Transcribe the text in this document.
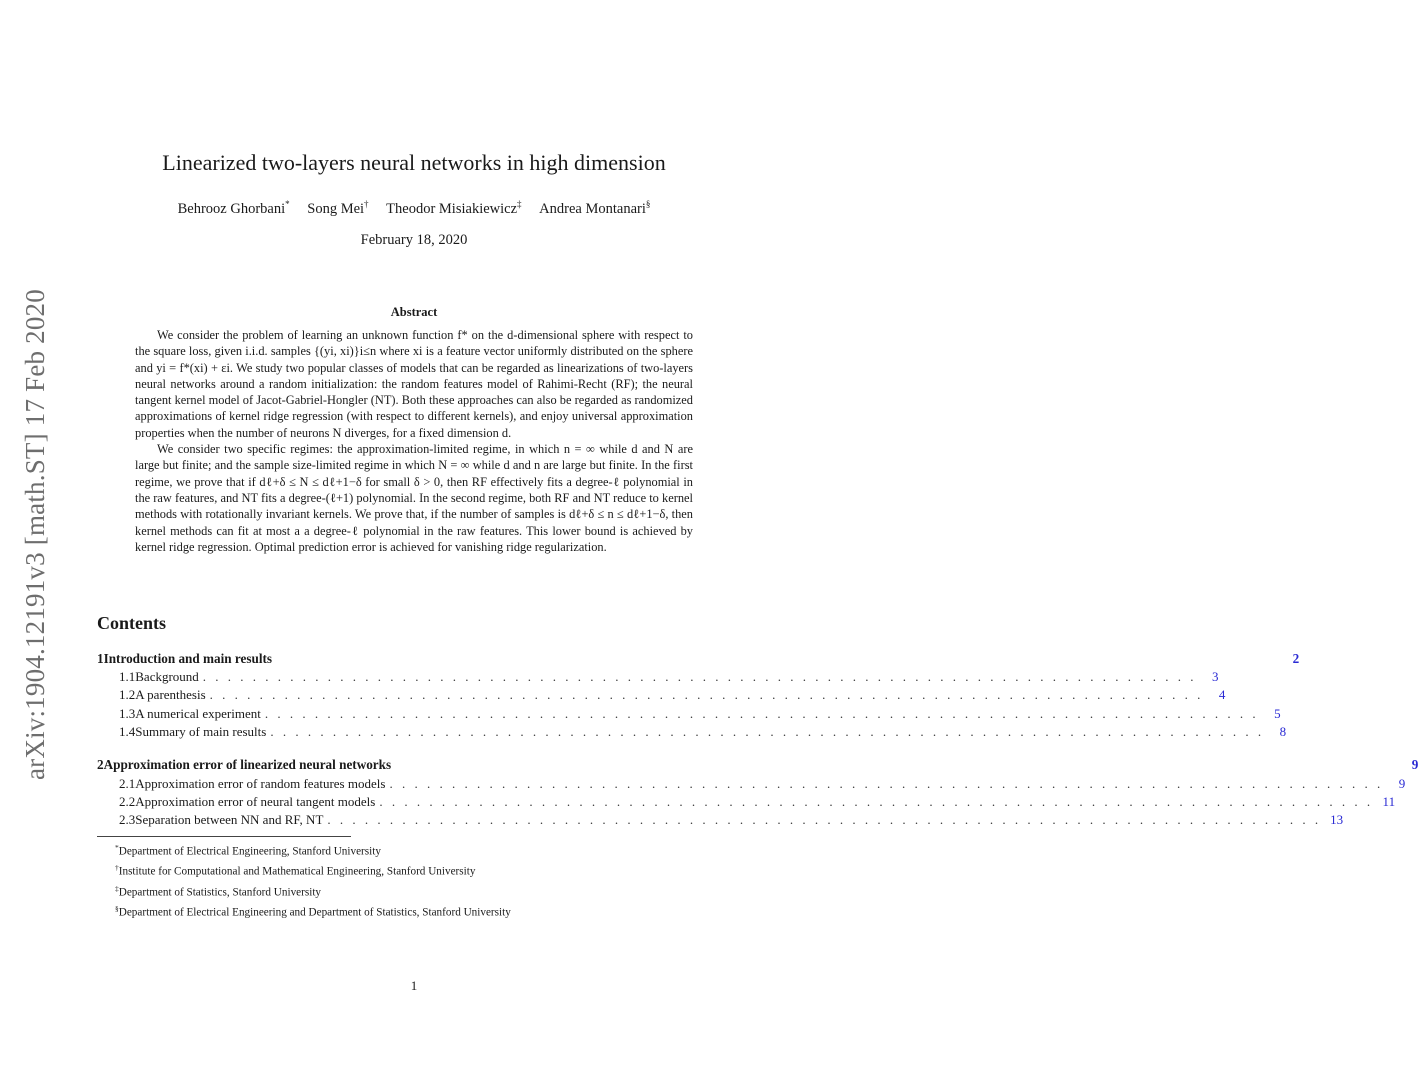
arXiv:1904.12191v3 [math.ST] 17 Feb 2020
Linearized two-layers neural networks in high dimension
Behrooz Ghorbani* Song Mei† Theodor Misiakiewicz‡ Andrea Montanari§
February 18, 2020
Abstract

We consider the problem of learning an unknown function f* on the d-dimensional sphere with respect to the square loss, given i.i.d. samples {(yi, xi)}i≤n where xi is a feature vector uniformly distributed on the sphere and yi = f*(xi) + εi. We study two popular classes of models that can be regarded as linearizations of two-layers neural networks around a random initialization: the random features model of Rahimi-Recht (RF); the neural tangent kernel model of Jacot-Gabriel-Hongler (NT). Both these approaches can also be regarded as randomized approximations of kernel ridge regression (with respect to different kernels), and enjoy universal approximation properties when the number of neurons N diverges, for a fixed dimension d.

We consider two specific regimes: the approximation-limited regime, in which n = ∞ while d and N are large but finite; and the sample size-limited regime in which N = ∞ while d and n are large but finite. In the first regime, we prove that if dℓ+δ ≤ N ≤ dℓ+1−δ for small δ > 0, then RF effectively fits a degree-ℓ polynomial in the raw features, and NT fits a degree-(ℓ+1) polynomial. In the second regime, both RF and NT reduce to kernel methods with rotationally invariant kernels. We prove that, if the number of samples is dℓ+δ ≤ n ≤ dℓ+1−δ, then kernel methods can fit at most a a degree-ℓ polynomial in the raw features. This lower bound is achieved by kernel ridge regression. Optimal prediction error is achieved for vanishing ridge regularization.

Contents
1 Introduction and main results	2
1.1 Background . . . . . . . . . . . . . . . . . . . . . . . . . . . . . . . . . . . . . . . . . . . . . . . . . . . . . . . . . . . . . . . . . . . . . . . . . . . . . . . .	3
1.2 A parenthesis . . . . . . . . . . . . . . . . . . . . . . . . . . . . . . . . . . . . . . . . . . . . . . . . . . . . . . . . . . . . . . . . . . . . . . . . . . . . . . . .	4
1.3 A numerical experiment . . . . . . . . . . . . . . . . . . . . . . . . . . . . . . . . . . . . . . . . . . . . . . . . . . . . . . . . . . . . . . . . . . . . . . . . . . . . . . . .	5
1.4 Summary of main results . . . . . . . . . . . . . . . . . . . . . . . . . . . . . . . . . . . . . . . . . . . . . . . . . . . . . . . . . . . . . . . . . . . . . . . . . . . . . . . .	8
2 Approximation error of linearized neural networks	9
2.1 Approximation error of random features models . . . . . . . . . . . . . . . . . . . . . . . . . . . . . . . . . . . . . . . . . . . . . . . . . . . . . . . . . . . . . . . . . . . . . . . . . . . . . . . .	9
2.2 Approximation error of neural tangent models . . . . . . . . . . . . . . . . . . . . . . . . . . . . . . . . . . . . . . . . . . . . . . . . . . . . . . . . . . . . . . . . . . . . . . . . . . . . . . . . 11
2.3 Separation between NN and RF, NT . . . . . . . . . . . . . . . . . . . . . . . . . . . . . . . . . . . . . . . . . . . . . . . . . . . . . . . . . . . . . . . . . . . . . . . . . . . . . . . . 13
*Department of Electrical Engineering, Stanford University
†Institute for Computational and Mathematical Engineering, Stanford University
‡Department of Statistics, Stanford University
§Department of Electrical Engineering and Department of Statistics, Stanford University
1
